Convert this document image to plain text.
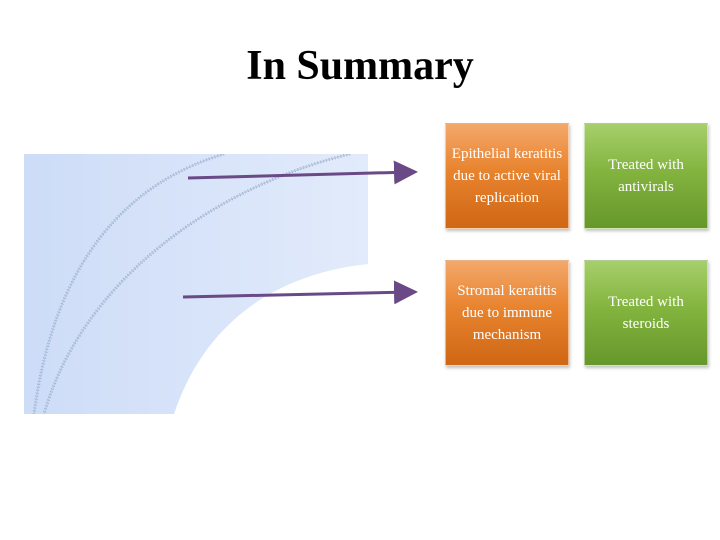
In Summary
Epithelial keratitis due to active viral replication
Treated with antivirals
Stromal keratitis due to immune mechanism
Treated with steroids
